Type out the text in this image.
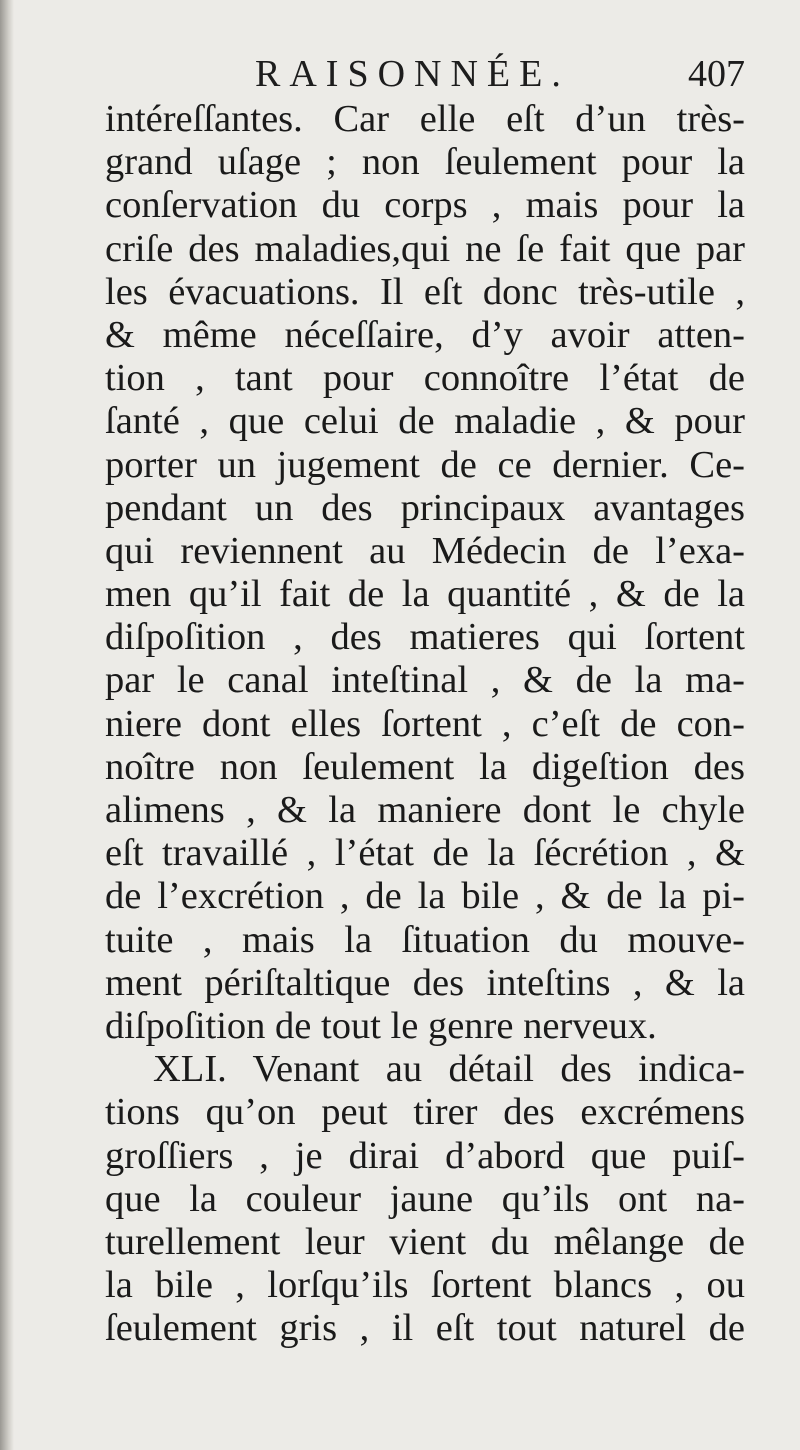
RAISONNÉE.	407
intéreſſantes. Car elle eſt d’un très-
grand uſage ; non ſeulement pour la
conſervation du corps , mais pour la
criſe des maladies,qui ne ſe fait que par
les évacuations. Il eſt donc très-utile ,
& même néceſſaire, d’y avoir atten-
tion , tant pour connoître l’état de
ſanté , que celui de maladie , & pour
porter un jugement de ce dernier. Ce-
pendant un des principaux avantages
qui reviennent au Médecin de l’exa-
men qu’il fait de la quantité , & de la
diſpoſition , des matieres qui ſortent
par le canal inteſtinal , & de la ma-
niere dont elles ſortent , c’eſt de con-
noître non ſeulement la digeſtion des
alimens , & la maniere dont le chyle
eſt travaillé , l’état de la ſécrétion , &
de l’excrétion , de la bile , & de la pi-
tuite , mais la ſituation du mouve-
ment périſtaltique des inteſtins , & la
diſpoſition de tout le genre nerveux.
XLI. Venant au détail des indica-
tions qu’on peut tirer des excrémens
groſſiers , je dirai d’abord que puiſ-
que la couleur jaune qu’ils ont na-
turellement leur vient du mêlange de
la bile , lorſqu’ils ſortent blancs , ou
ſeulement gris , il eſt tout naturel de
